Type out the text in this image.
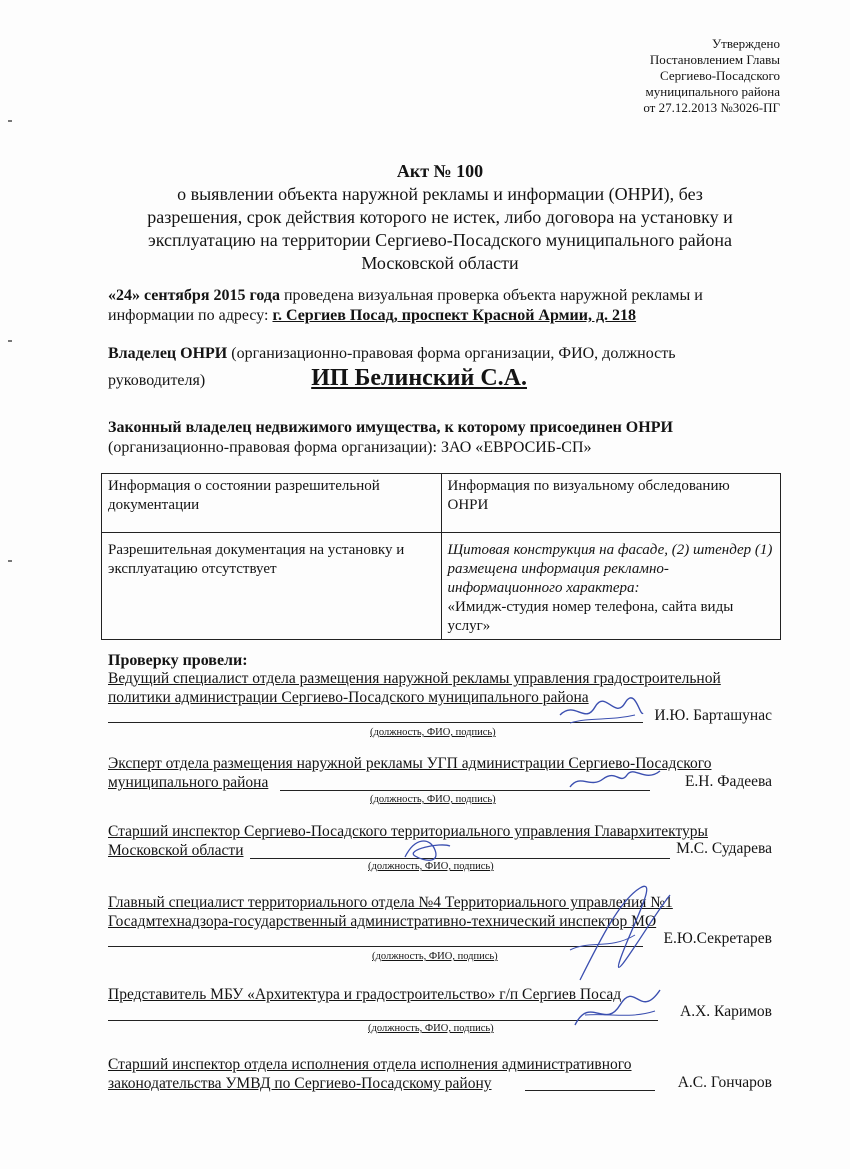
Утверждено
Постановлением Главы
Сергиево-Посадского
муниципального района
от 27.12.2013 №3026-ПГ
Акт № 100
о выявлении объекта наружной рекламы и информации (ОНРИ), без
разрешения, срок действия которого не истек, либо договора на установку и
эксплуатацию на территории Сергиево-Посадского муниципального района
Московской области
«24» сентября 2015 года проведена визуальная проверка объекта наружной рекламы и
информации по адресу: г. Сергиев Посад, проспект Красной Армии, д. 218
Владелец ОНРИ (организационно-правовая форма организации, ФИО, должность
руководителя)	ИП Белинский С.А.
Законный владелец недвижимого имущества, к которому присоединен ОНРИ
(организационно-правовая форма организации): ЗАО «ЕВРОСИБ-СП»
Информация о состоянии разрешительной документации	Информация по визуальному обследованию ОНРИ
Разрешительная документация на установку и эксплуатацию отсутствует	Щитовая конструкция на фасаде, (2) штендер (1) размещена информация рекламно-информационного характера:
«Имидж-студия номер телефона, сайта виды услуг»
Проверку провели:
Ведущий специалист отдела размещения наружной рекламы управления градостроительной
политики администрации Сергиево-Посадского муниципального района
И.Ю. Барташунас
(должность, ФИО, подпись)
Эксперт отдела размещения наружной рекламы УГП администрации Сергиево-Посадского
муниципального района	Е.Н. Фадеева
(должность, ФИО, подпись)
Старший инспектор Сергиево-Посадского территориального управления Главархитектуры
Московской области	М.С. Сударева
(должность, ФИО, подпись)
Главный специалист территориального отдела №4 Территориального управления №1
Госадмтехнадзора-государственный административно-технический инспектор МО
Е.Ю.Секретарев
(должность, ФИО, подпись)
Представитель МБУ «Архитектура и градостроительство» г/п Сергиев Посад
А.Х. Каримов
(должность, ФИО, подпись)
Старший инспектор отдела исполнения отдела исполнения административного
законодательства УМВД по Сергиево-Посадскому району	А.С. Гончаров
